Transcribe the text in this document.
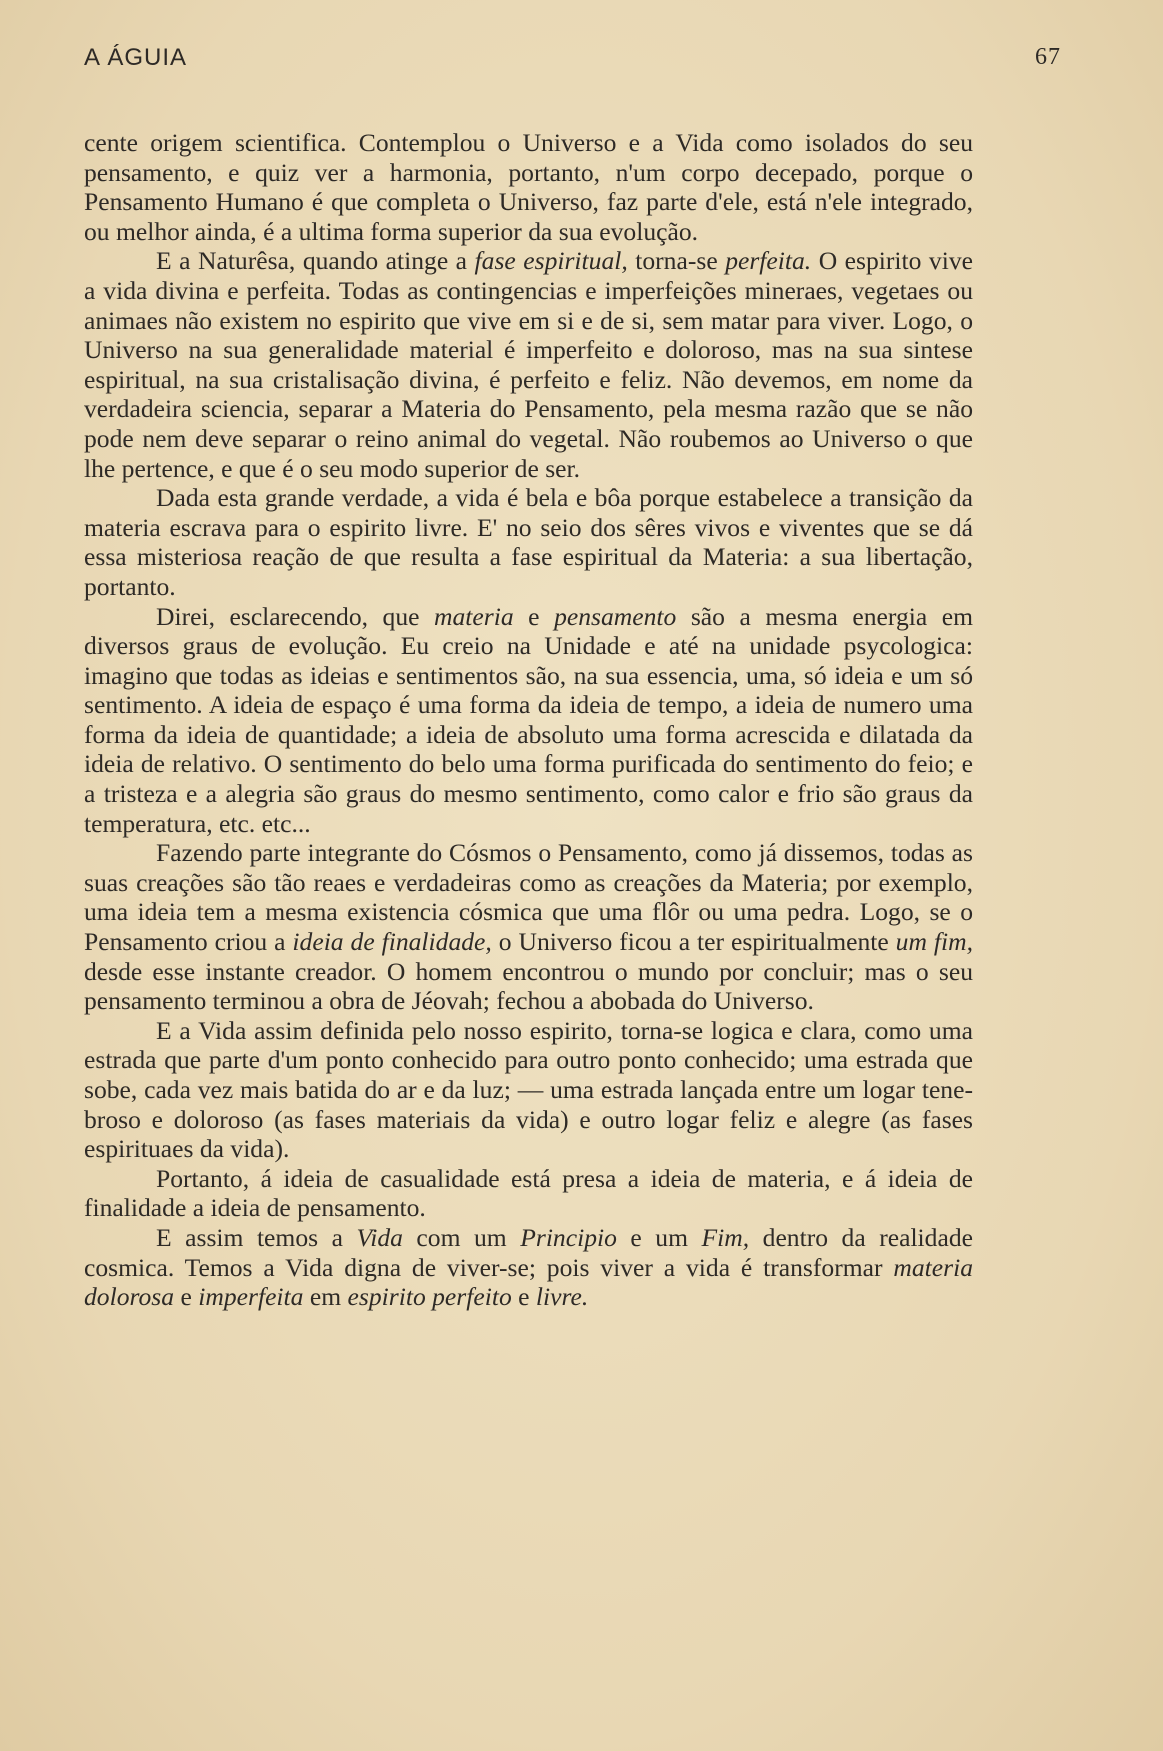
A ÁGUIA	67

cente origem scientifica. Contemplou o Universo e a Vida como isolados do seu pensamento, e quiz ver a harmonia, portanto, n'um corpo decepado, porque o Pensamento Humano é que completa o Universo, faz parte d'ele, está n'ele integrado, ou melhor ainda, é a ultima forma superior da sua evolução.

E a Naturêsa, quando atinge a fase espiritual, torna-se perfeita. O espirito vive a vida divina e perfeita. Todas as contingencias e imperfeições mineraes, vegetaes ou animaes não existem no espirito que vive em si e de si, sem matar para viver. Logo, o Universo na sua generalidade material é imperfeito e doloroso, mas na sua sintese espiritual, na sua cristalisação divina, é perfeito e feliz. Não devemos, em nome da verdadeira sciencia, separar a Materia do Pensamento, pela mesma razão que se não pode nem deve separar o reino animal do vegetal. Não roubemos ao Universo o que lhe pertence, e que é o seu modo superior de ser.

Dada esta grande verdade, a vida é bela e bôa porque estabelece a transição da materia escrava para o espirito livre. E' no seio dos sêres vivos e viventes que se dá essa misteriosa reação de que resulta a fase espiritual da Materia: a sua libertação, portanto.

Direi, esclarecendo, que materia e pensamento são a mesma energia em diversos graus de evolução. Eu creio na Unidade e até na unidade psycologica: imagino que todas as ideias e sentimentos são, na sua essencia, uma, só ideia e um só sentimento. A ideia de espaço é uma forma da ideia de tempo, a ideia de numero uma forma da ideia de quantidade; a ideia de absoluto uma forma acrescida e dilatada da ideia de relativo. O sentimento do belo uma forma purificada do sentimento do feio; e a tristeza e a alegria são graus do mesmo sentimento, como calor e frio são graus da temperatura, etc. etc...

Fazendo parte integrante do Cósmos o Pensamento, como já dissemos, todas as suas creações são tão reaes e verdadeiras como as creações da Materia; por exemplo, uma ideia tem a mesma existencia cósmica que uma flôr ou uma pedra. Logo, se o Pensamento criou a ideia de finalidade, o Universo ficou a ter espiritualmente um fim, desde esse instante creador. O homem encontrou o mundo por concluir; mas o seu pensamento terminou a obra de Jéovah; fechou a abobada do Universo.

E a Vida assim definida pelo nosso espirito, torna-se logica e clara, como uma estrada que parte d'um ponto conhecido para outro ponto conhecido; uma estrada que sobe, cada vez mais batida do ar e da luz; — uma estrada lançada entre um logar tenebroso e doloroso (as fases materiais da vida) e outro logar feliz e alegre (as fases espirituaes da vida).

Portanto, á ideia de casualidade está presa a ideia de materia, e á ideia de finalidade a ideia de pensamento.

E assim temos a Vida com um Principio e um Fim, dentro da realidade cosmica. Temos a Vida digna de viver-se; pois viver a vida é transformar materia dolorosa e imperfeita em espirito perfeito e livre.
